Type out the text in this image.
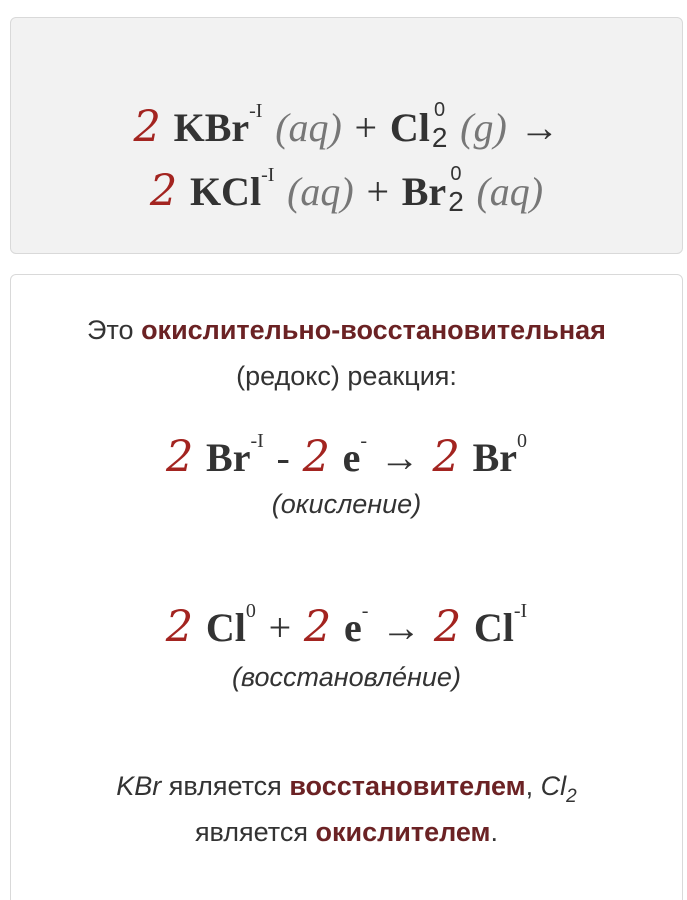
2 KBr$^{-I}$ (aq) + Cl 0
2 (g) →
2 KCl$^{-I}$ (aq) + Br 0
2 (aq)
Это окислительно-восстановительная
(редокс) реакция:
2 $Br^{-I} - 2$ e- → 2 Br$^0$
(окисление)
2 $Cl^0 + 2$ e- → 2 $Cl^{-I}$
(восстановле́ние)
KBr является восстановителем, $Cl_2$
является окислителем.
